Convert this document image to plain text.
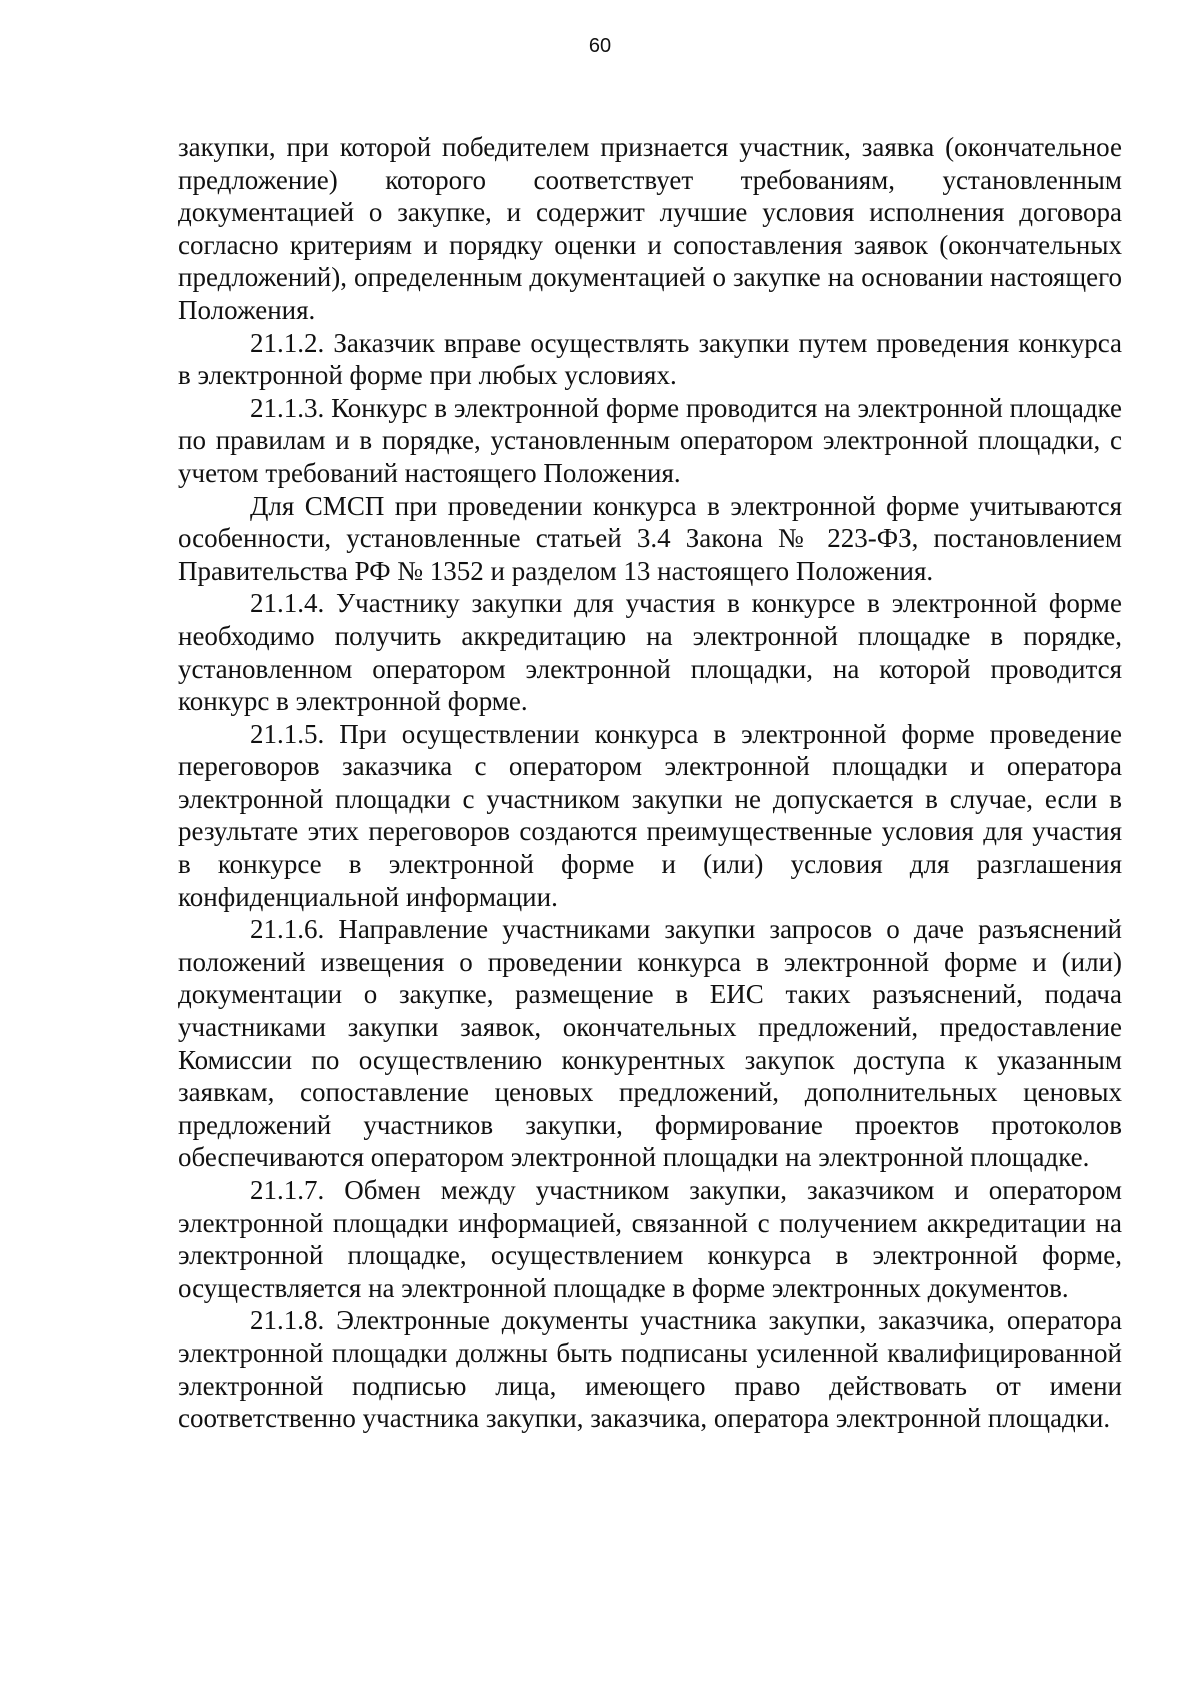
60

закупки, при которой победителем признается участник, заявка (окончательное предложение) которого соответствует требованиям, установленным документацией о закупке, и содержит лучшие условия исполнения договора согласно критериям и порядку оценки и сопоставления заявок (окончательных предложений), определенным документацией о закупке на основании настоящего Положения.

21.1.2. Заказчик вправе осуществлять закупки путем проведения конкурса в электронной форме при любых условиях.

21.1.3. Конкурс в электронной форме проводится на электронной площадке по правилам и в порядке, установленным оператором электронной площадки, с учетом требований настоящего Положения.

Для СМСП при проведении конкурса в электронной форме учитываются особенности, установленные статьей 3.4 Закона № 223-ФЗ, постановлением Правительства РФ № 1352 и разделом 13 настоящего Положения.

21.1.4. Участнику закупки для участия в конкурсе в электронной форме необходимо получить аккредитацию на электронной площадке в порядке, установленном оператором электронной площадки, на которой проводится конкурс в электронной форме.

21.1.5. При осуществлении конкурса в электронной форме проведение переговоров заказчика с оператором электронной площадки и оператора электронной площадки с участником закупки не допускается в случае, если в результате этих переговоров создаются преимущественные условия для участия в конкурсе в электронной форме и (или) условия для разглашения конфиденциальной информации.

21.1.6. Направление участниками закупки запросов о даче разъяснений положений извещения о проведении конкурса в электронной форме и (или) документации о закупке, размещение в ЕИС таких разъяснений, подача участниками закупки заявок, окончательных предложений, предоставление Комиссии по осуществлению конкурентных закупок доступа к указанным заявкам, сопоставление ценовых предложений, дополнительных ценовых предложений участников закупки, формирование проектов протоколов обеспечиваются оператором электронной площадки на электронной площадке.

21.1.7. Обмен между участником закупки, заказчиком и оператором электронной площадки информацией, связанной с получением аккредитации на электронной площадке, осуществлением конкурса в электронной форме, осуществляется на электронной площадке в форме электронных документов.

21.1.8. Электронные документы участника закупки, заказчика, оператора электронной площадки должны быть подписаны усиленной квалифицированной электронной подписью лица, имеющего право действовать от имени соответственно участника закупки, заказчика, оператора электронной площадки.
